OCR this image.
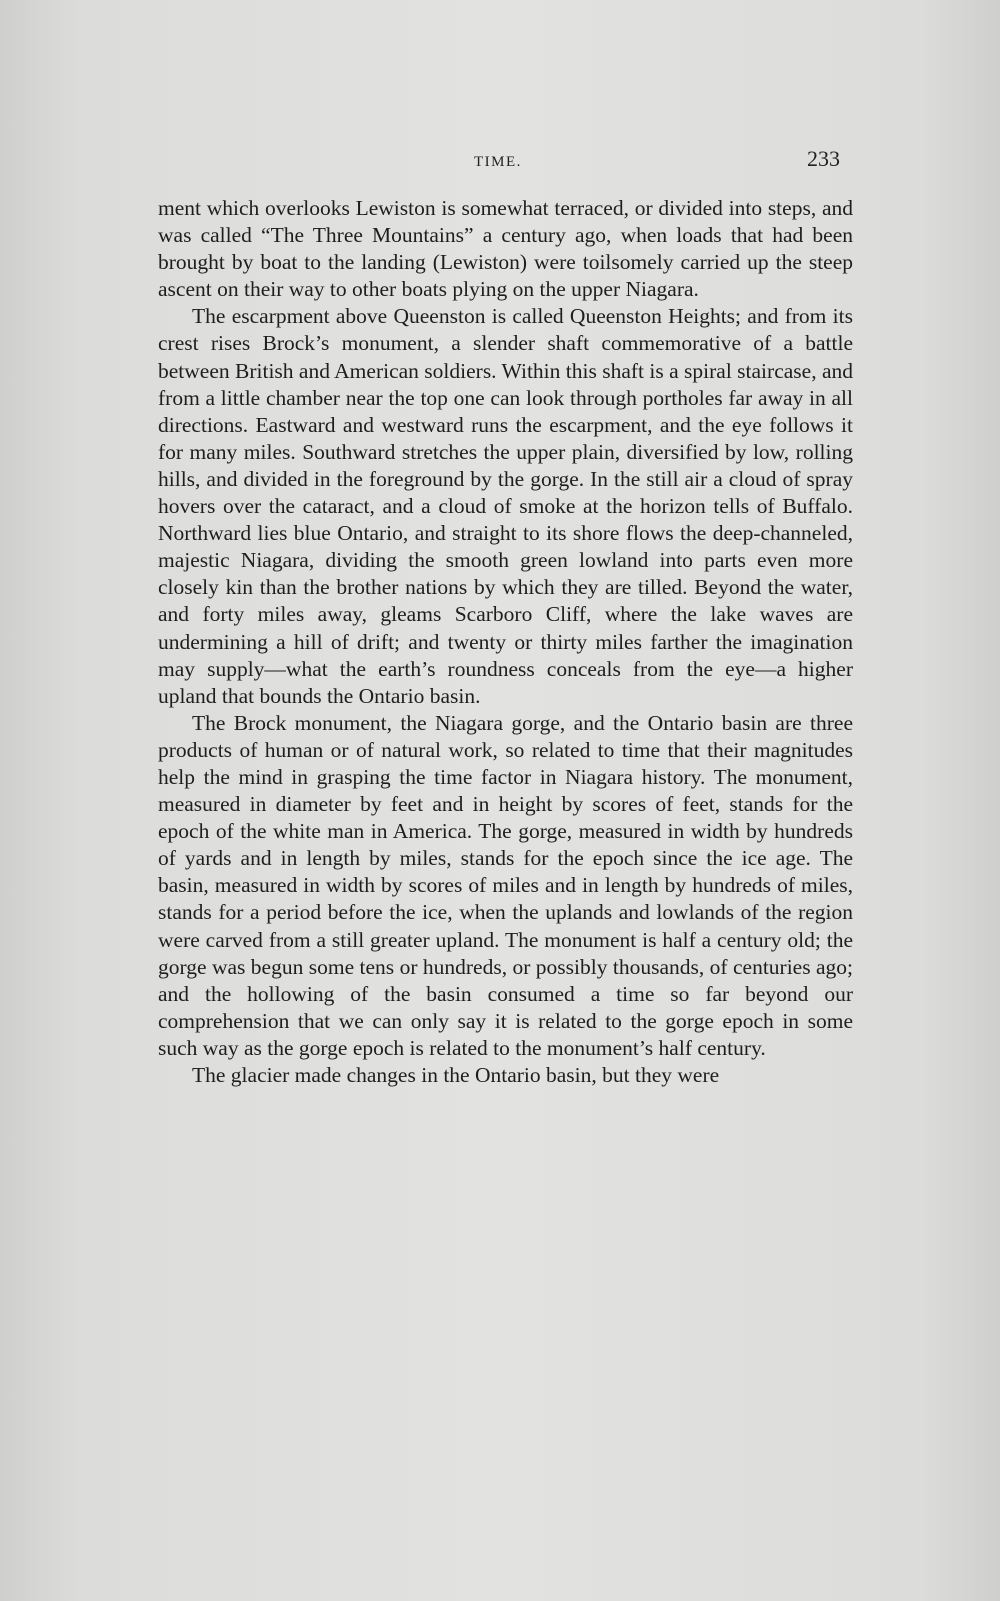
TIME.	233

ment which overlooks Lewiston is somewhat terraced, or divided into steps, and was called “The Three Mountains” a century ago, when loads that had been brought by boat to the landing (Lewiston) were toilsomely carried up the steep ascent on their way to other boats plying on the upper Niagara.

The escarpment above Queenston is called Queenston Heights; and from its crest rises Brock’s monument, a slender shaft commemorative of a battle between British and American soldiers. Within this shaft is a spiral staircase, and from a little chamber near the top one can look through portholes far away in all directions. Eastward and westward runs the escarpment, and the eye follows it for many miles. Southward stretches the upper plain, diversified by low, rolling hills, and divided in the foreground by the gorge. In the still air a cloud of spray hovers over the cataract, and a cloud of smoke at the horizon tells of Buffalo. Northward lies blue Ontario, and straight to its shore flows the deep-channeled, majestic Niagara, dividing the smooth green lowland into parts even more closely kin than the brother nations by which they are tilled. Beyond the water, and forty miles away, gleams Scarboro Cliff, where the lake waves are undermining a hill of drift; and twenty or thirty miles farther the imagination may supply—what the earth’s roundness conceals from the eye—a higher upland that bounds the Ontario basin.

The Brock monument, the Niagara gorge, and the Ontario basin are three products of human or of natural work, so related to time that their magnitudes help the mind in grasping the time factor in Niagara history. The monument, measured in diameter by feet and in height by scores of feet, stands for the epoch of the white man in America. The gorge, measured in width by hundreds of yards and in length by miles, stands for the epoch since the ice age. The basin, measured in width by scores of miles and in length by hundreds of miles, stands for a period before the ice, when the uplands and lowlands of the region were carved from a still greater upland. The monument is half a century old; the gorge was begun some tens or hundreds, or possibly thousands, of centuries ago; and the hollowing of the basin consumed a time so far beyond our comprehension that we can only say it is related to the gorge epoch in some such way as the gorge epoch is related to the monument’s half century.

The glacier made changes in the Ontario basin, but they were
